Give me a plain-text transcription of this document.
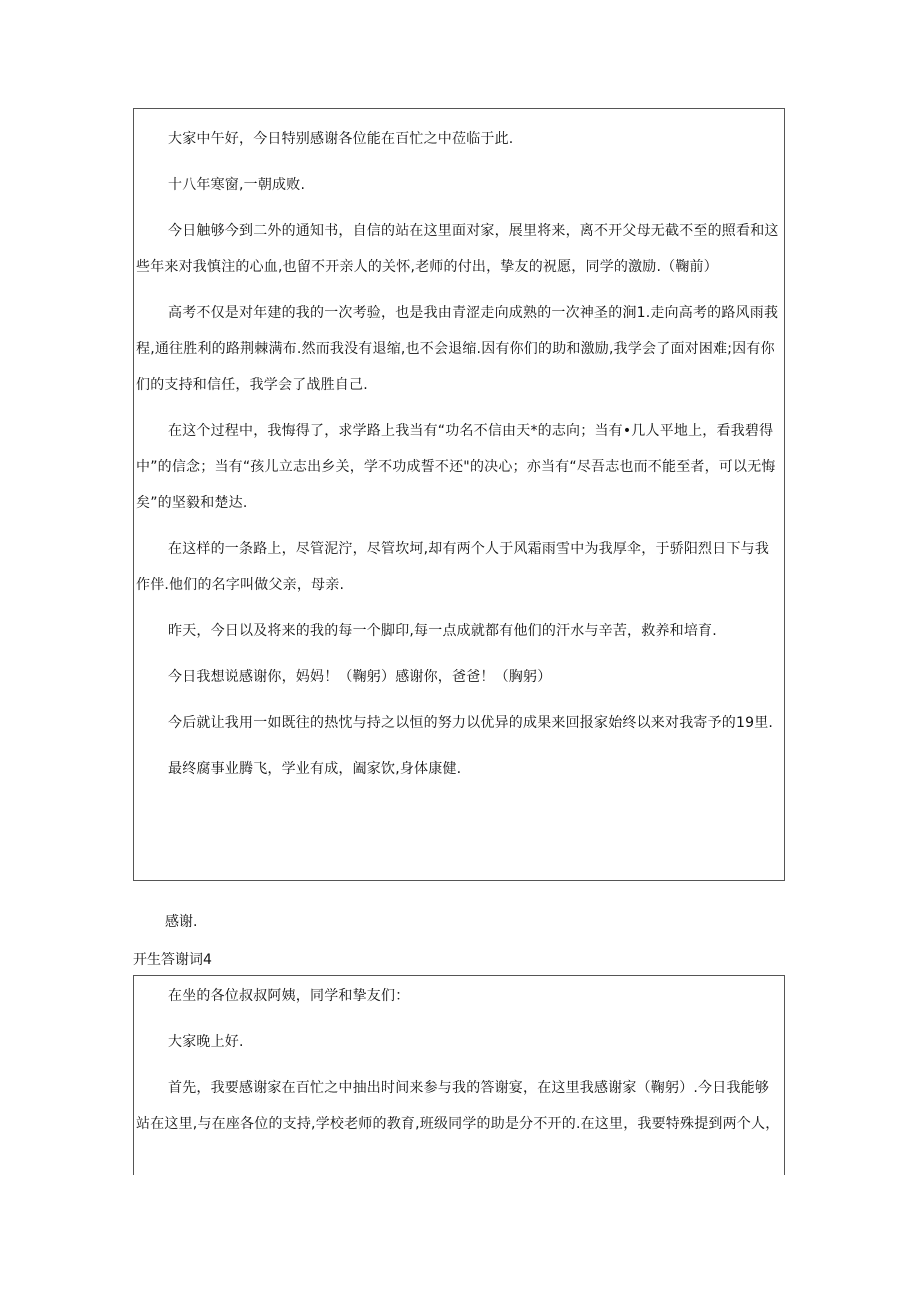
大家中午好，今日特别感谢各位能在百忙之中莅临于此.

十八年寒窗,一朝成败.

今日触够今到二外的通知书，自信的站在这里面对家，展里将来，离不开父母无截不至的照看和这些年来对我慎注的心血,也留不开亲人的关怀,老师的付出，挚友的祝愿，同学的激励.（鞠前）

高考不仅是对年建的我的一次考验，也是我由青涩走向成熟的一次神圣的涧1.走向高考的路风雨莪程,通往胜利的路荆棘满布.然而我没有退缩,也不会退缩.因有你们的助和激励,我学会了面对困难;因有你们的支持和信任，我学会了战胜自己.

在这个过程中，我悔得了，求学路上我当有“功名不信由天*的志向；当有•几人平地上，看我碧得中”的信念；当有“孩儿立志出乡关，学不功成誓不还"的决心；亦当有“尽吾志也而不能至者，可以无悔矣”的坚毅和楚达.

在这样的一条路上，尽管泥泞，尽管坎坷,却有两个人于风霜雨雪中为我厚伞，于骄阳烈日下与我作伴.他们的名字叫做父亲，母亲.

昨天，今日以及将来的我的每一个脚印,每一点成就都有他们的汗水与辛苦，救养和培育.

今日我想说感谢你，妈妈！（鞠躬）感谢你，爸爸！（胸躬）

今后就让我用一如既往的热忱与持之以恒的努力以优异的成果来回报家始终以来对我寄予的19里.

最终腐事业腾飞，学业有成，阖家饮,身体康健.

感谢.
开生答谢词4

在坐的各位叔叔阿姨，同学和挚友们：

大家晚上好.

首先，我要感谢家在百忙之中抽出时间来参与我的答谢宴，在这里我感谢家（鞠躬）.今日我能够站在这里,与在座各位的支持,学校老师的教育,班级同学的助是分不开的.在这里，我要特殊提到两个人，
